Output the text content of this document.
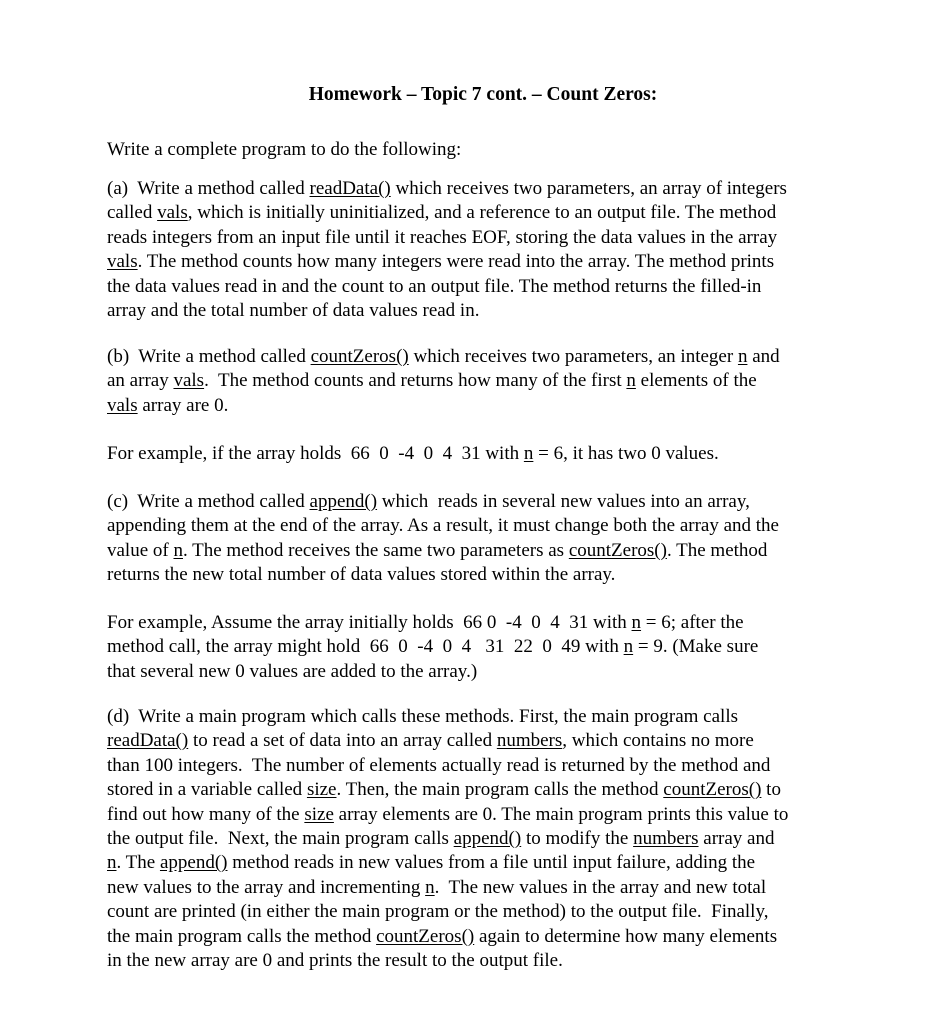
Homework – Topic 7 cont. – Count Zeros:
Write a complete program to do the following:
(a)  Write a method called readData() which receives two parameters, an array of integers
called vals, which is initially uninitialized, and a reference to an output file. The method
reads integers from an input file until it reaches EOF, storing the data values in the array
vals. The method counts how many integers were read into the array. The method prints
the data values read in and the count to an output file. The method returns the filled-in
array and the total number of data values read in.
(b)  Write a method called countZeros() which receives two parameters, an integer n and
an array vals.  The method counts and returns how many of the first n elements of the
vals array are 0.
For example, if the array holds  66  0  -4  0  4  31 with n = 6, it has two 0 values.
(c)  Write a method called append() which  reads in several new values into an array,
appending them at the end of the array. As a result, it must change both the array and the
value of n. The method receives the same two parameters as countZeros(). The method
returns the new total number of data values stored within the array.
For example, Assume the array initially holds  66 0  -4  0  4  31 with n = 6; after the
method call, the array might hold  66  0  -4  0  4   31  22  0  49 with n = 9. (Make sure
that several new 0 values are added to the array.)
(d)  Write a main program which calls these methods. First, the main program calls
readData() to read a set of data into an array called numbers, which contains no more
than 100 integers.  The number of elements actually read is returned by the method and
stored in a variable called size. Then, the main program calls the method countZeros() to
find out how many of the size array elements are 0. The main program prints this value to
the output file.  Next, the main program calls append() to modify the numbers array and
n. The append() method reads in new values from a file until input failure, adding the
new values to the array and incrementing n.  The new values in the array and new total
count are printed (in either the main program or the method) to the output file.  Finally,
the main program calls the method countZeros() again to determine how many elements
in the new array are 0 and prints the result to the output file.
